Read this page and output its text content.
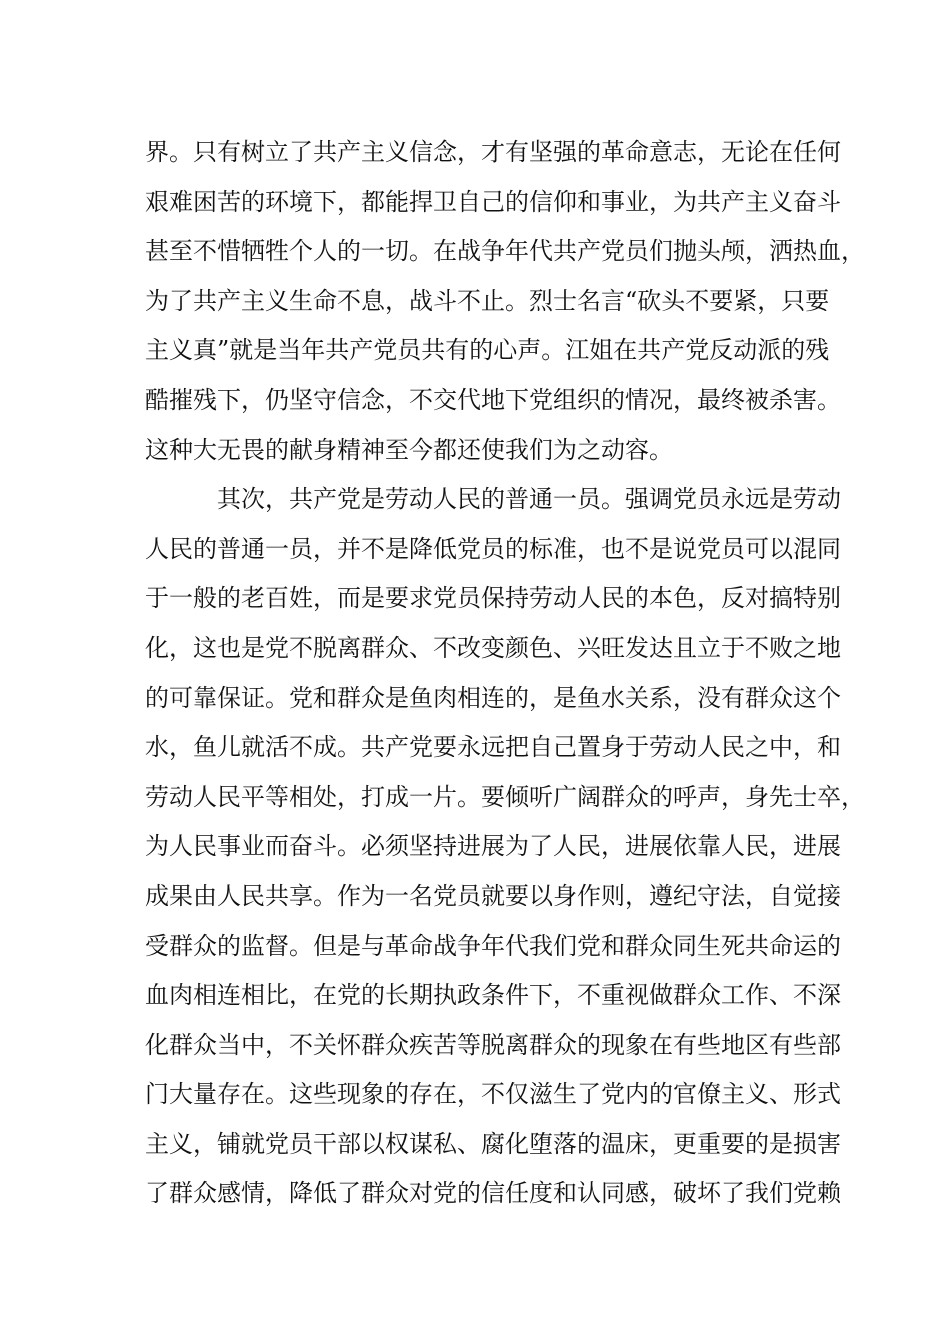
界。只有树立了共产主义信念，才有坚强的革命意志，无论在任何
艰难困苦的环境下，都能捍卫自己的信仰和事业，为共产主义奋斗
甚至不惜牺牲个人的一切。在战争年代共产党员们抛头颅，洒热血，
为了共产主义生命不息，战斗不止。烈士名言“砍头不要紧，只要
主义真”就是当年共产党员共有的心声。江姐在共产党反动派的残
酷摧残下，仍坚守信念，不交代地下党组织的情况，最终被杀害。
这种大无畏的献身精神至今都还使我们为之动容。
其次，共产党是劳动人民的普通一员。强调党员永远是劳动
人民的普通一员，并不是降低党员的标准，也不是说党员可以混同
于一般的老百姓，而是要求党员保持劳动人民的本色，反对搞特别
化，这也是党不脱离群众、不改变颜色、兴旺发达且立于不败之地
的可靠保证。党和群众是鱼肉相连的，是鱼水关系，没有群众这个
水，鱼儿就活不成。共产党要永远把自己置身于劳动人民之中，和
劳动人民平等相处，打成一片。要倾听广阔群众的呼声，身先士卒，
为人民事业而奋斗。必须坚持进展为了人民，进展依靠人民，进展
成果由人民共享。作为一名党员就要以身作则，遵纪守法，自觉接
受群众的监督。但是与革命战争年代我们党和群众同生死共命运的
血肉相连相比，在党的长期执政条件下，不重视做群众工作、不深
化群众当中，不关怀群众疾苦等脱离群众的现象在有些地区有些部
门大量存在。这些现象的存在，不仅滋生了党内的官僚主义、形式
主义，铺就党员干部以权谋私、腐化堕落的温床，更重要的是损害
了群众感情，降低了群众对党的信任度和认同感，破坏了我们党赖
